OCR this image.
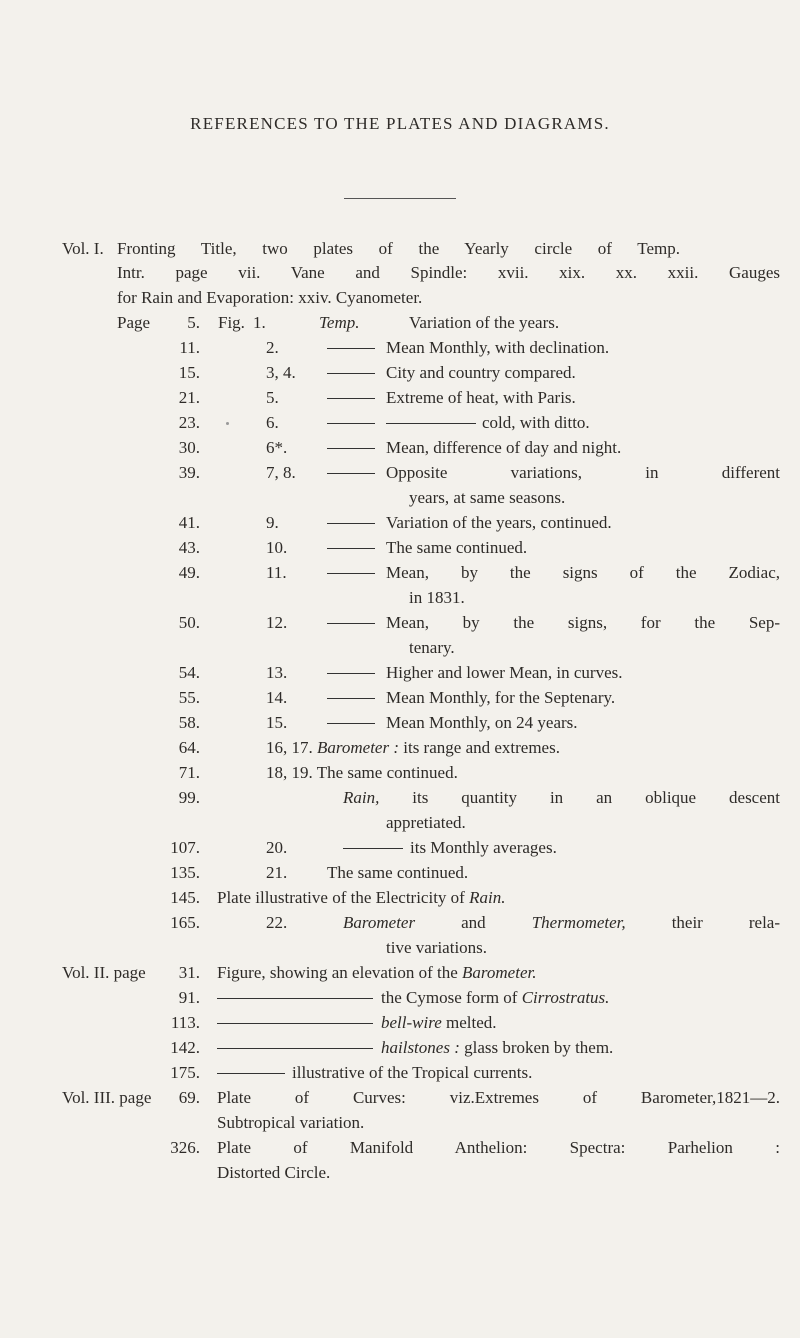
REFERENCES TO THE PLATES AND DIAGRAMS.
Vol. I. Fronting Title, two plates of the Yearly circle of Temp.
Intr. page vii. Vane and Spindle: xvii. xix. xx. xxii. Gauges
for Rain and Evaporation: xxiv. Cyanometer.
Page	Fig.
5.	1.	Temp.	Variation of the years.
11.	2.	Mean Monthly, with declination.
15.	3, 4.	City and country compared.
21.	5.	Extreme of heat, with Paris.
23.	6.	cold, with ditto.
30.	6*.	Mean, difference of day and night.
39.	7, 8.	Opposite variations, in different
years, at same seasons.
41.	9.	Variation of the years, continued.
43.	10.	The same continued.
49.	11.	Mean, by the signs of the Zodiac,
in 1831.
50.	12.	Mean, by the signs, for the Sep-
tenary.
54.	13.	Higher and lower Mean, in curves.
55.	14.	Mean Monthly, for the Septenary.
58.	15.	Mean Monthly, on 24 years.
64.	16, 17. Barometer : its range and extremes.
71.	18, 19. The same continued.
99.	Rain, its quantity in an oblique descent
appretiated.
107.	20.	its Monthly averages.
135.	21. The same continued.
145. Plate illustrative of the Electricity of Rain.
165.	22.	Barometer	and	Thermometer,	their rela-
tive variations.
Vol. II. page	31. Figure, showing an elevation of the Barometer.
91.	the Cymose form of Cirrostratus.
113.	bell-wire melted.
142.	hailstones : glass broken by them.
175.	illustrative of the Tropical currents.
Vol. III. page	69. Plate of Curves: viz.Extremes of Barometer,1821—2.
Subtropical variation.
326. Plate of Manifold Anthelion: Spectra: Parhelion :
Distorted Circle.
